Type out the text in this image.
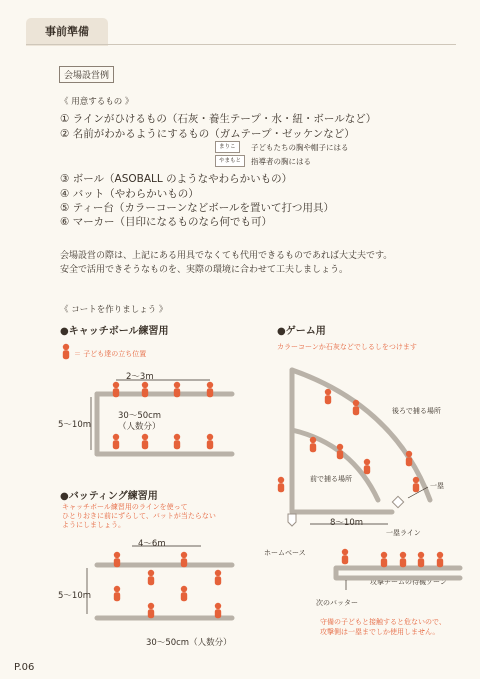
事前準備
会場設営例
《 用意するもの 》
① ラインがひけるもの（石灰・養生テープ・水・紐・ボールなど）
② 名前がわかるようにするもの（ガムテープ・ゼッケンなど）
まりこ	子どもたちの胸や帽子にはる
やまもと	指導者の胸にはる
③ ボール（ASOBALL のようなやわらかいもの）
④ バット（やわらかいもの）
⑤ ティー台（カラーコーンなどボールを置いて打つ用具）
⑥ マーカー（目印になるものなら何でも可）
会場設営の際は、上記にある用具でなくても代用できるものであれば大丈夫です。
安全で活用できそうなものを、実際の環境に合わせて工夫しましょう。
《 コートを作りましょう 》
●キャッチボール練習用
＝ 子ども達の立ち位置
2～3m
5～10m
30～50cm
（人数分）
●バッティング練習用
キャッチボール練習用のラインを使って
ひとりおきに前にずらして、バットが当たらない
ようにしましょう。
4～6m
5～10m
30～50cm（人数分）
●ゲーム用
カラーコーンか石灰などでしるしをつけます
後ろで捕る場所
前で捕る場所
一塁
8～10m
一塁ライン
ホームベース
攻撃チームの待機ゾーン
次のバッター
守備の子どもと接触すると危ないので、
攻撃側は一塁までしか使用しません。
P.06
